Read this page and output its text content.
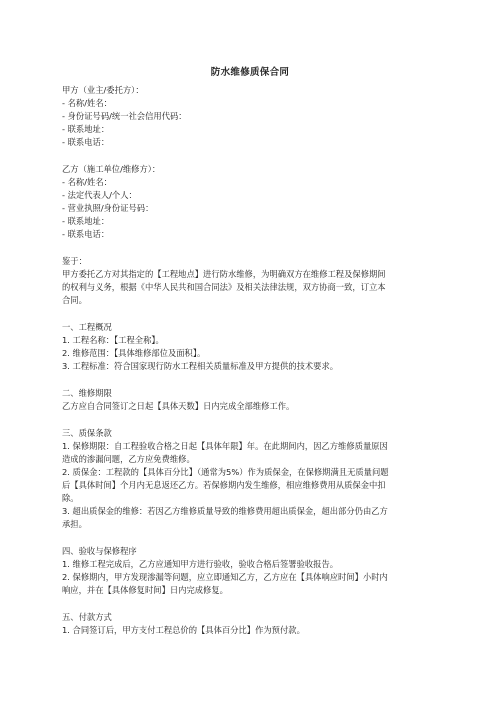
防水维修质保合同
甲方（业主/委托方）：
- 名称/姓名：
- 身份证号码/统一社会信用代码：
- 联系地址：
- 联系电话：
乙方（施工单位/维修方）：
- 名称/姓名：
- 法定代表人/个人：
- 营业执照/身份证号码：
- 联系地址：
- 联系电话：
鉴于：
甲方委托乙方对其指定的【工程地点】进行防水维修，为明确双方在维修工程及保修期间
的权利与义务，根据《中华人民共和国合同法》及相关法律法规，双方协商一致，订立本
合同。
一、工程概况
1. 工程名称：【工程全称】。
2. 维修范围：【具体维修部位及面积】。
3. 工程标准：符合国家现行防水工程相关质量标准及甲方提供的技术要求。
二、维修期限
乙方应自合同签订之日起【具体天数】日内完成全部维修工作。
三、质保条款
1. 保修期限：自工程验收合格之日起【具体年限】年。在此期间内，因乙方维修质量原因
造成的渗漏问题，乙方应免费维修。
2. 质保金：工程款的【具体百分比】（通常为5%）作为质保金，在保修期满且无质量问题
后【具体时间】个月内无息返还乙方。若保修期内发生维修，相应维修费用从质保金中扣
除。
3. 超出质保金的维修：若因乙方维修质量导致的维修费用超出质保金，超出部分仍由乙方
承担。
四、验收与保修程序
1. 维修工程完成后，乙方应通知甲方进行验收，验收合格后签署验收报告。
2. 保修期内，甲方发现渗漏等问题，应立即通知乙方，乙方应在【具体响应时间】小时内
响应，并在【具体修复时间】日内完成修复。
五、付款方式
1. 合同签订后，甲方支付工程总价的【具体百分比】作为预付款。
